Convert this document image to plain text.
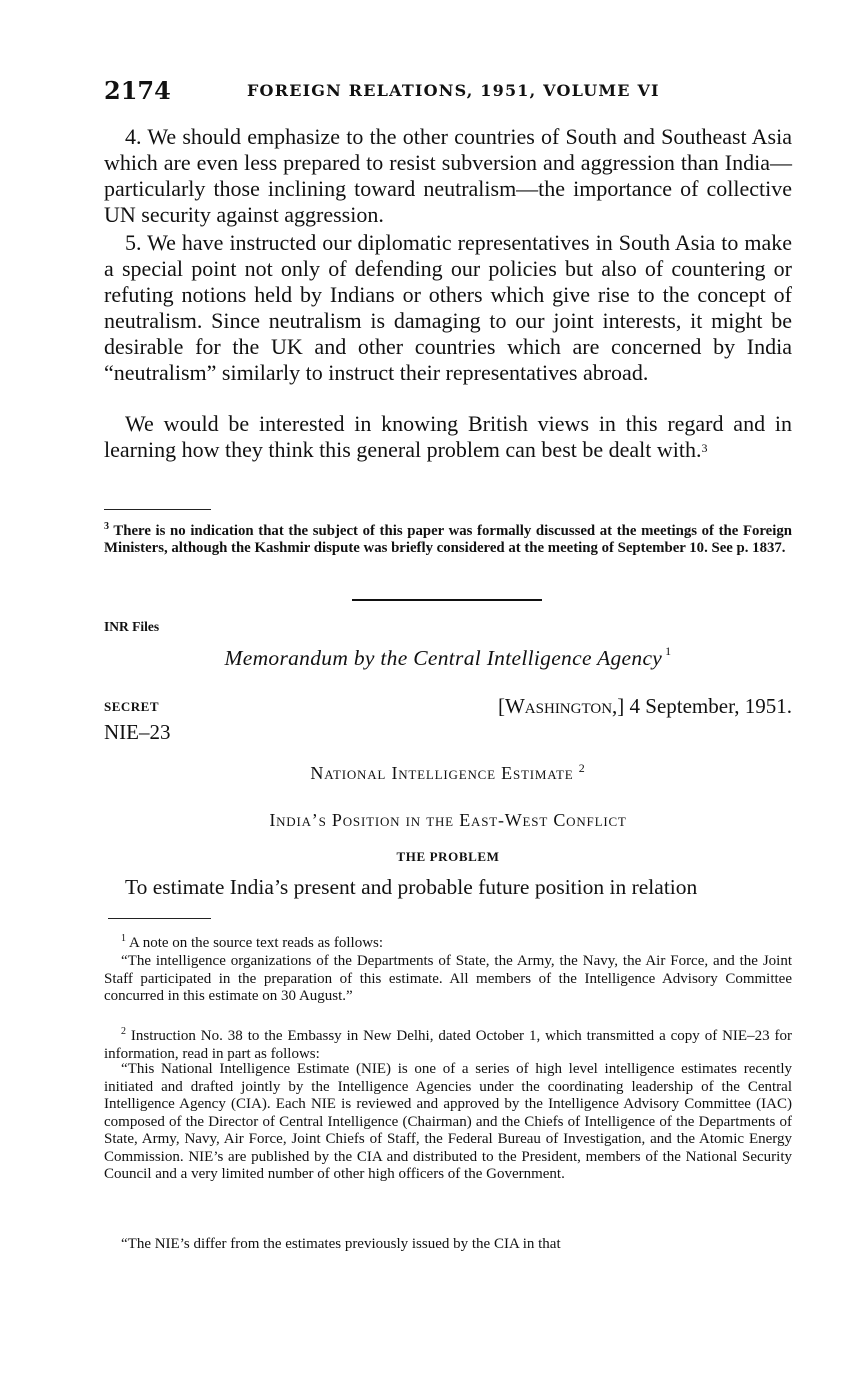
2174	FOREIGN RELATIONS, 1951, VOLUME VI

4. We should emphasize to the other countries of South and Southeast Asia which are even less prepared to resist subversion and aggression than India—particularly those inclining toward neutralism—the importance of collective UN security against aggression.

5. We have instructed our diplomatic representatives in South Asia to make a special point not only of defending our policies but also of countering or refuting notions held by Indians or others which give rise to the concept of neutralism. Since neutralism is damaging to our joint interests, it might be desirable for the UK and other countries which are concerned by India “neutralism” similarly to instruct their representatives abroad.

We would be interested in knowing British views in this regard and in learning how they think this general problem can best be dealt with.$^3$

$^3$ There is no indication that the subject of this paper was formally discussed at the meetings of the Foreign Ministers, although the Kashmir dispute was briefly considered at the meeting of September 10. See p. 1837.
INR Files
Memorandum by the Central Intelligence Agency $^1$
SECRET
NIE–23
[Washington,] 4 September, 1951.
National Intelligence Estimate $^2$
India’s Position in the East-West Conflict
THE PROBLEM
To estimate India’s present and probable future position in relation

$^1$ A note on the source text reads as follows:

“The intelligence organizations of the Departments of State, the Army, the Navy, the Air Force, and the Joint Staff participated in the preparation of this estimate. All members of the Intelligence Advisory Committee concurred in this estimate on 30 August.”

$^2$ Instruction No. 38 to the Embassy in New Delhi, dated October 1, which transmitted a copy of NIE–23 for information, read in part as follows:

“This National Intelligence Estimate (NIE) is one of a series of high level intelligence estimates recently initiated and drafted jointly by the Intelligence Agencies under the coordinating leadership of the Central Intelligence Agency (CIA). Each NIE is reviewed and approved by the Intelligence Advisory Committee (IAC) composed of the Director of Central Intelligence (Chairman) and the Chiefs of Intelligence of the Departments of State, Army, Navy, Air Force, Joint Chiefs of Staff, the Federal Bureau of Investigation, and the Atomic Energy Commission. NIE’s are published by the CIA and distributed to the President, members of the National Security Council and a very limited number of other high officers of the Government.

“The NIE’s differ from the estimates previously issued by the CIA in that
